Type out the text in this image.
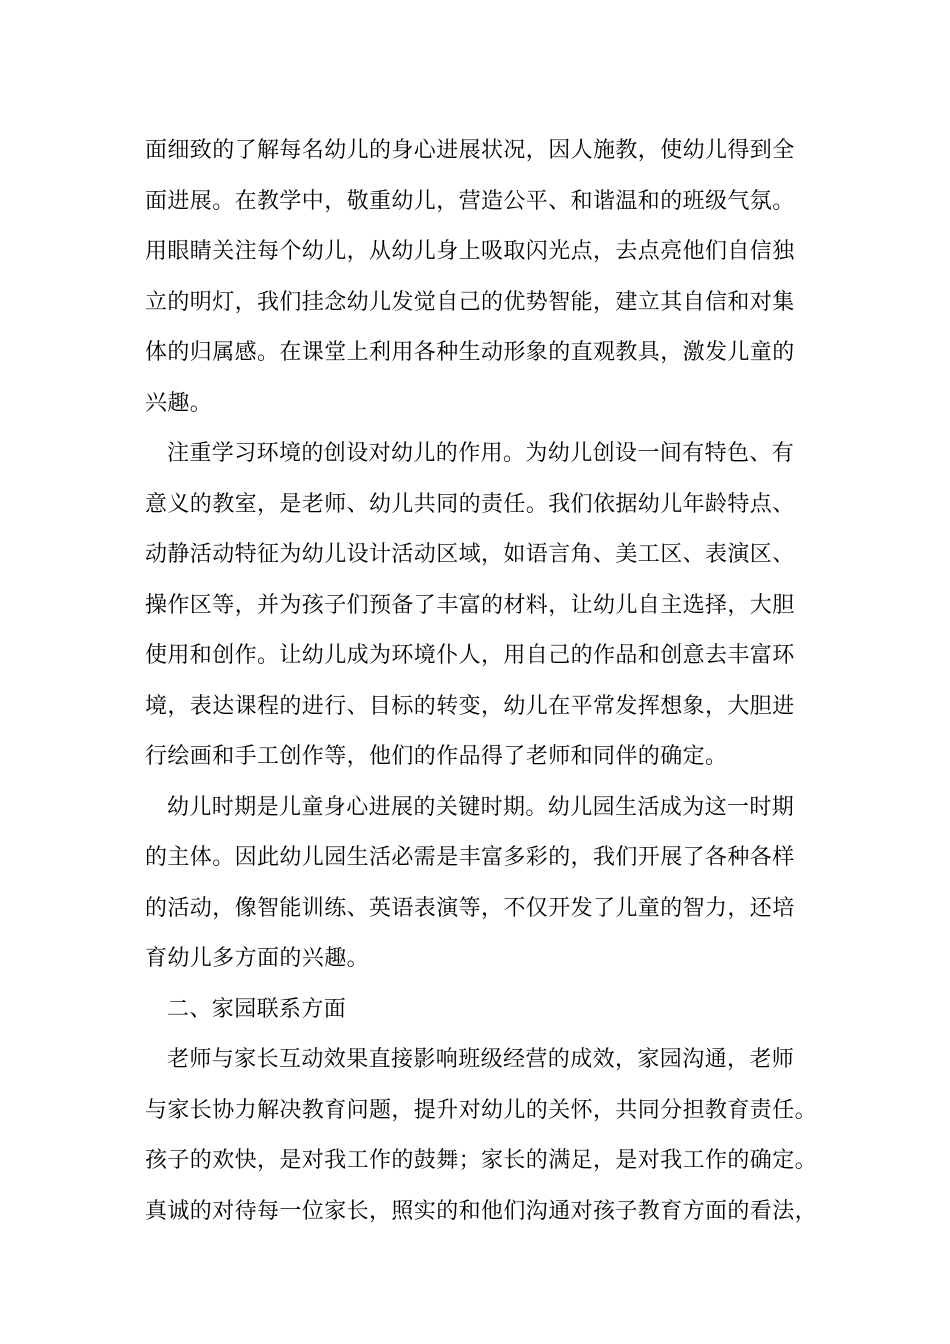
面细致的了解每名幼儿的身心进展状况，因人施教，使幼儿得到全
面进展。在教学中，敬重幼儿，营造公平、和谐温和的班级气氛。
用眼睛关注每个幼儿，从幼儿身上吸取闪光点，去点亮他们自信独
立的明灯，我们挂念幼儿发觉自己的优势智能，建立其自信和对集
体的归属感。在课堂上利用各种生动形象的直观教具，激发儿童的
兴趣。
注重学习环境的创设对幼儿的作用。为幼儿创设一间有特色、有
意义的教室，是老师、幼儿共同的责任。我们依据幼儿年龄特点、
动静活动特征为幼儿设计活动区域，如语言角、美工区、表演区、
操作区等，并为孩子们预备了丰富的材料，让幼儿自主选择，大胆
使用和创作。让幼儿成为环境仆人，用自己的作品和创意去丰富环
境，表达课程的进行、目标的转变，幼儿在平常发挥想象，大胆进
行绘画和手工创作等，他们的作品得了老师和同伴的确定。
幼儿时期是儿童身心进展的关键时期。幼儿园生活成为这一时期
的主体。因此幼儿园生活必需是丰富多彩的，我们开展了各种各样
的活动，像智能训练、英语表演等，不仅开发了儿童的智力，还培
育幼儿多方面的兴趣。
二、家园联系方面
老师与家长互动效果直接影响班级经营的成效，家园沟通，老师
与家长协力解决教育问题，提升对幼儿的关怀，共同分担教育责任。
孩子的欢快，是对我工作的鼓舞；家长的满足，是对我工作的确定。
真诚的对待每一位家长，照实的和他们沟通对孩子教育方面的看法，
